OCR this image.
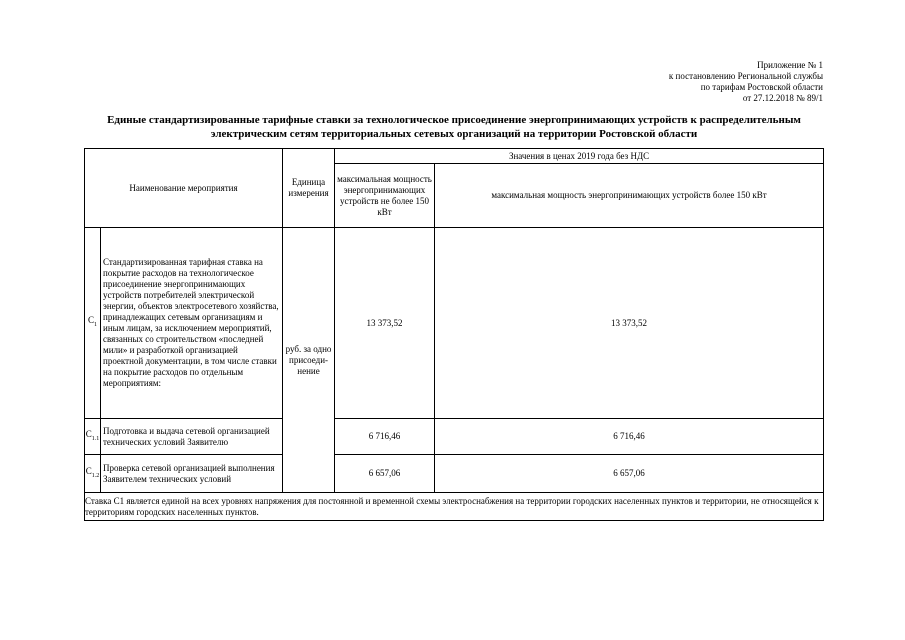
Приложение № 1
к постановлению Региональной службы
по тарифам Ростовской области
от 27.12.2018 № 89/1
Единые стандартизированные тарифные ставки за технологическое присоединение энергопринимающих устройств к распределительным электрическим сетям территориальных сетевых организаций на территории Ростовской области
Наименование мероприятия		Единица измерения	Значения в ценах 2019 года без НДС	
			максимальная мощность энергопринимающих устройств не более 150 кВт	максимальная мощность энергопринимающих устройств более 150 кВт

$С_1$	Стандартизированная тарифная ставка на покрытие расходов на технологическое присоединение энергопринимающих устройств потребителей электрической энергии, объектов электросетевого хозяйства, принадлежащих сетевым организациям и иным лицам, за исключением мероприятий, связанных со строительством «последней мили» и разработкой организацией проектной документации, в том числе ставки на покрытие расходов по отдельным мероприятиям:	руб. за одно присоеди-нение	13 373,52	13 373,52
$С_{1.1}$	Подготовка и выдача сетевой организацией технических условий Заявителю		6 716,46	6 716,46
$С_{1.2}$	Проверка сетевой организацией выполнения Заявителем технических условий		6 657,06	6 657,06
Ставка С1 является единой на всех уровнях напряжения для постоянной и временной схемы электроснабжения на территории городских населенных пунктов и территории, не относящейся к территориям городских населенных пунктов.				
